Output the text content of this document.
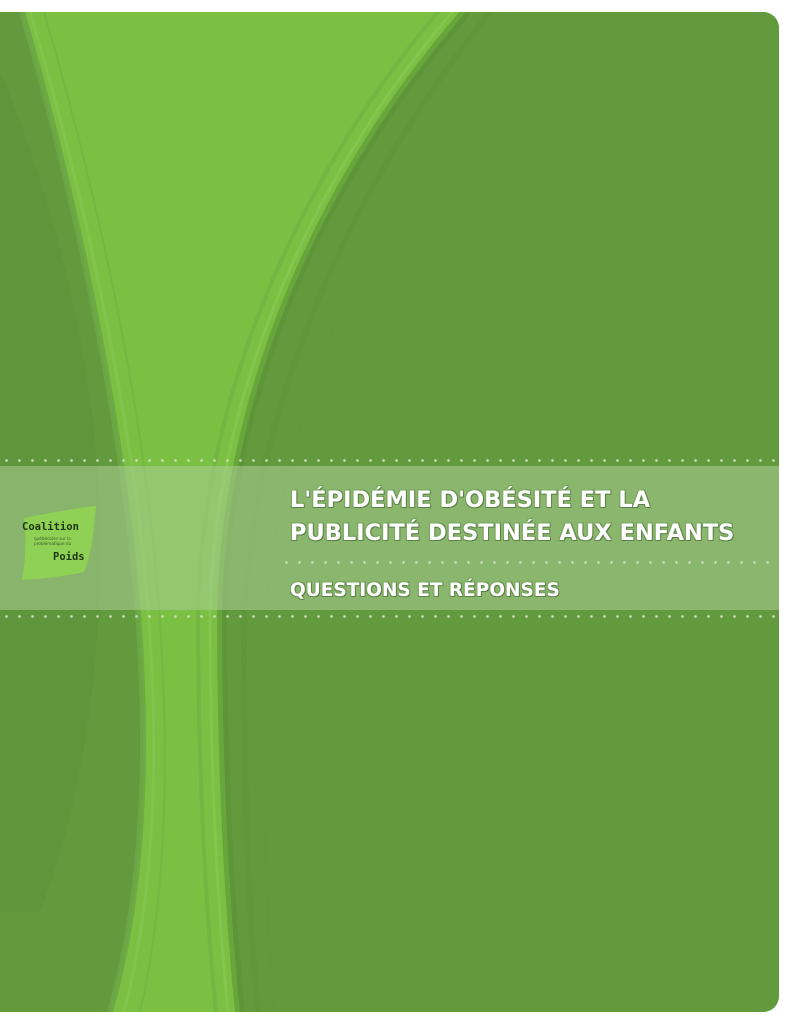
Coalition
québécoise sur la
problématique du
Poids
L'ÉPIDÉMIE D'OBÉSITÉ ET LA
PUBLICITÉ DESTINÉE AUX ENFANTS
QUESTIONS ET RÉPONSES
